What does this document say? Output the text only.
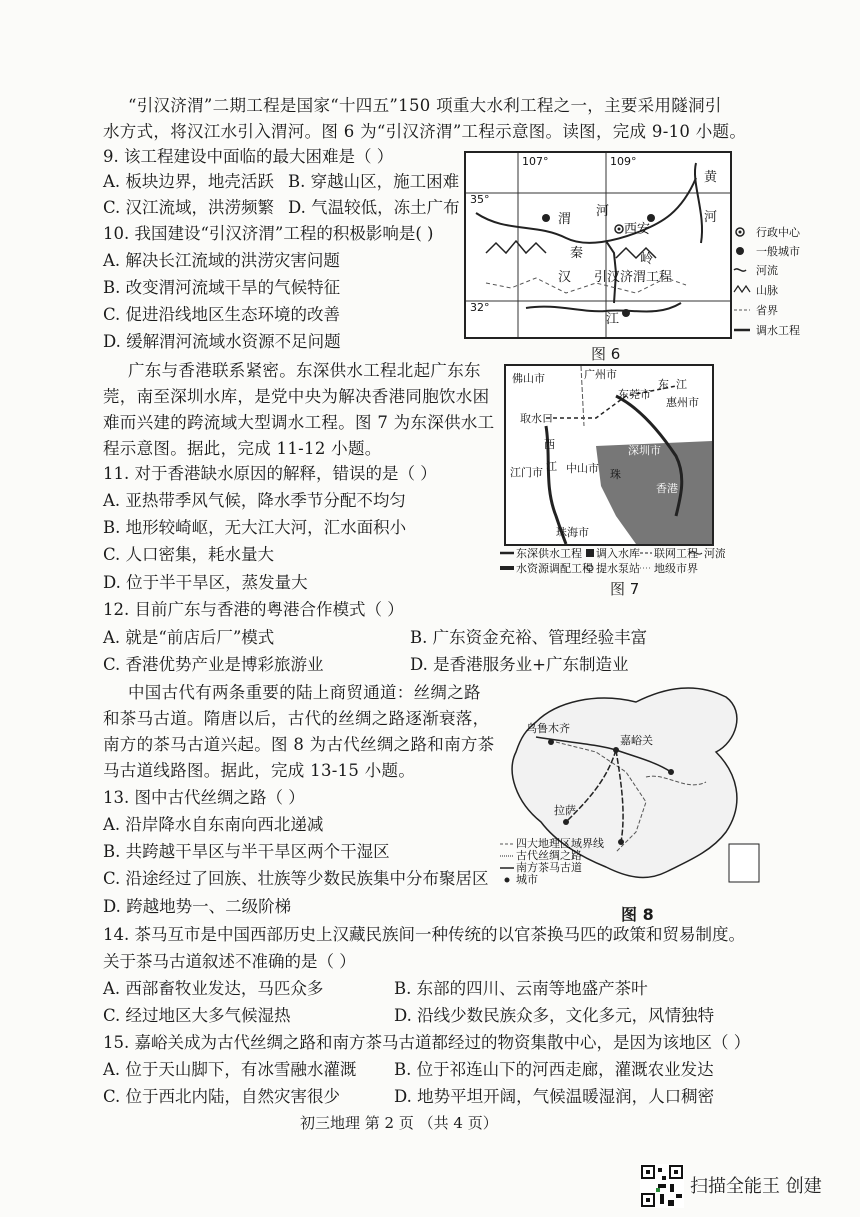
“引汉济渭”二期工程是国家“十四五”150 项重大水利工程之一，主要采用隧洞引
水方式，将汉江水引入渭河。图 6 为“引汉济渭”工程示意图。读图，完成 9-10 小题。
9. 该工程建设中面临的最大困难是（ ）
A. 板块边界，地壳活跃 B. 穿越山区，施工困难
C. 汉江流域，洪涝频繁 D. 气温较低，冻土广布
10. 我国建设“引汉济渭”工程的积极影响是( )
A. 解决长江流域的洪涝灾害问题
B. 改变渭河流域干旱的气候特征
C. 促进沿线地区生态环境的改善
D. 缓解渭河流域水资源不足问题
107°	109°
35°
32°
渭
河
西安
秦	岭
汉
江
引汉济渭工程
黄
河
行政中心
一般城市
河流
山脉
省界
调水工程
图 6
广东与香港联系紧密。东深供水工程北起广东东
莞，南至深圳水库，是党中央为解决香港同胞饮水困
难而兴建的跨流域大型调水工程。图 7 为东深供水工
程示意图。据此，完成 11-12 小题。
11. 对于香港缺水原因的解释，错误的是（ ）
A. 亚热带季风气候，降水季节分配不均匀
B. 地形较崎岖，无大江大河，汇水面积小
C. 人口密集，耗水量大
D. 位于半干旱区，蒸发量大
佛山市	广州市
东莞市
惠州市
取水口
西
江 中山市
深圳市
江门市
香港
珠海市
东 江
珠
东深供水工程 调入水库 联网工程 河流
水资源调配工程 提水泵站 地级市界
图 7
12. 目前广东与香港的粤港合作模式（ ）
A. 就是“前店后厂”模式	B. 广东资金充裕、管理经验丰富
C. 香港优势产业是博彩旅游业	D. 是香港服务业+广东制造业
中国古代有两条重要的陆上商贸通道：丝绸之路
和茶马古道。隋唐以后，古代的丝绸之路逐渐衰落，
南方的茶马古道兴起。图 8 为古代丝绸之路和南方茶
马古道线路图。据此，完成 13-15 小题。
13. 图中古代丝绸之路（ ）
A. 沿岸降水自东南向西北递减
B. 共跨越干旱区与半干旱区两个干湿区
C. 沿途经过了回族、壮族等少数民族集中分布聚居区
D. 跨越地势一、二级阶梯
乌鲁木齐
嘉峪关
拉萨
四大地理区域界线
古代丝绸之路
南方茶马古道
城市
图 8
14. 茶马互市是中国西部历史上汉藏民族间一种传统的以官茶换马匹的政策和贸易制度。
关于茶马古道叙述不准确的是（ ）
A. 西部畜牧业发达，马匹众多	B. 东部的四川、云南等地盛产茶叶
C. 经过地区大多气候湿热	D. 沿线少数民族众多，文化多元，风情独特
15. 嘉峪关成为古代丝绸之路和南方茶马古道都经过的物资集散中心，是因为该地区（ ）
A. 位于天山脚下，有冰雪融水灌溉 B. 位于祁连山下的河西走廊，灌溉农业发达
C. 位于西北内陆，自然灾害很少	D. 地势平坦开阔，气候温暖湿润，人口稠密
初三地理 第 2 页 （共 4 页）
扫描全能王 创建
